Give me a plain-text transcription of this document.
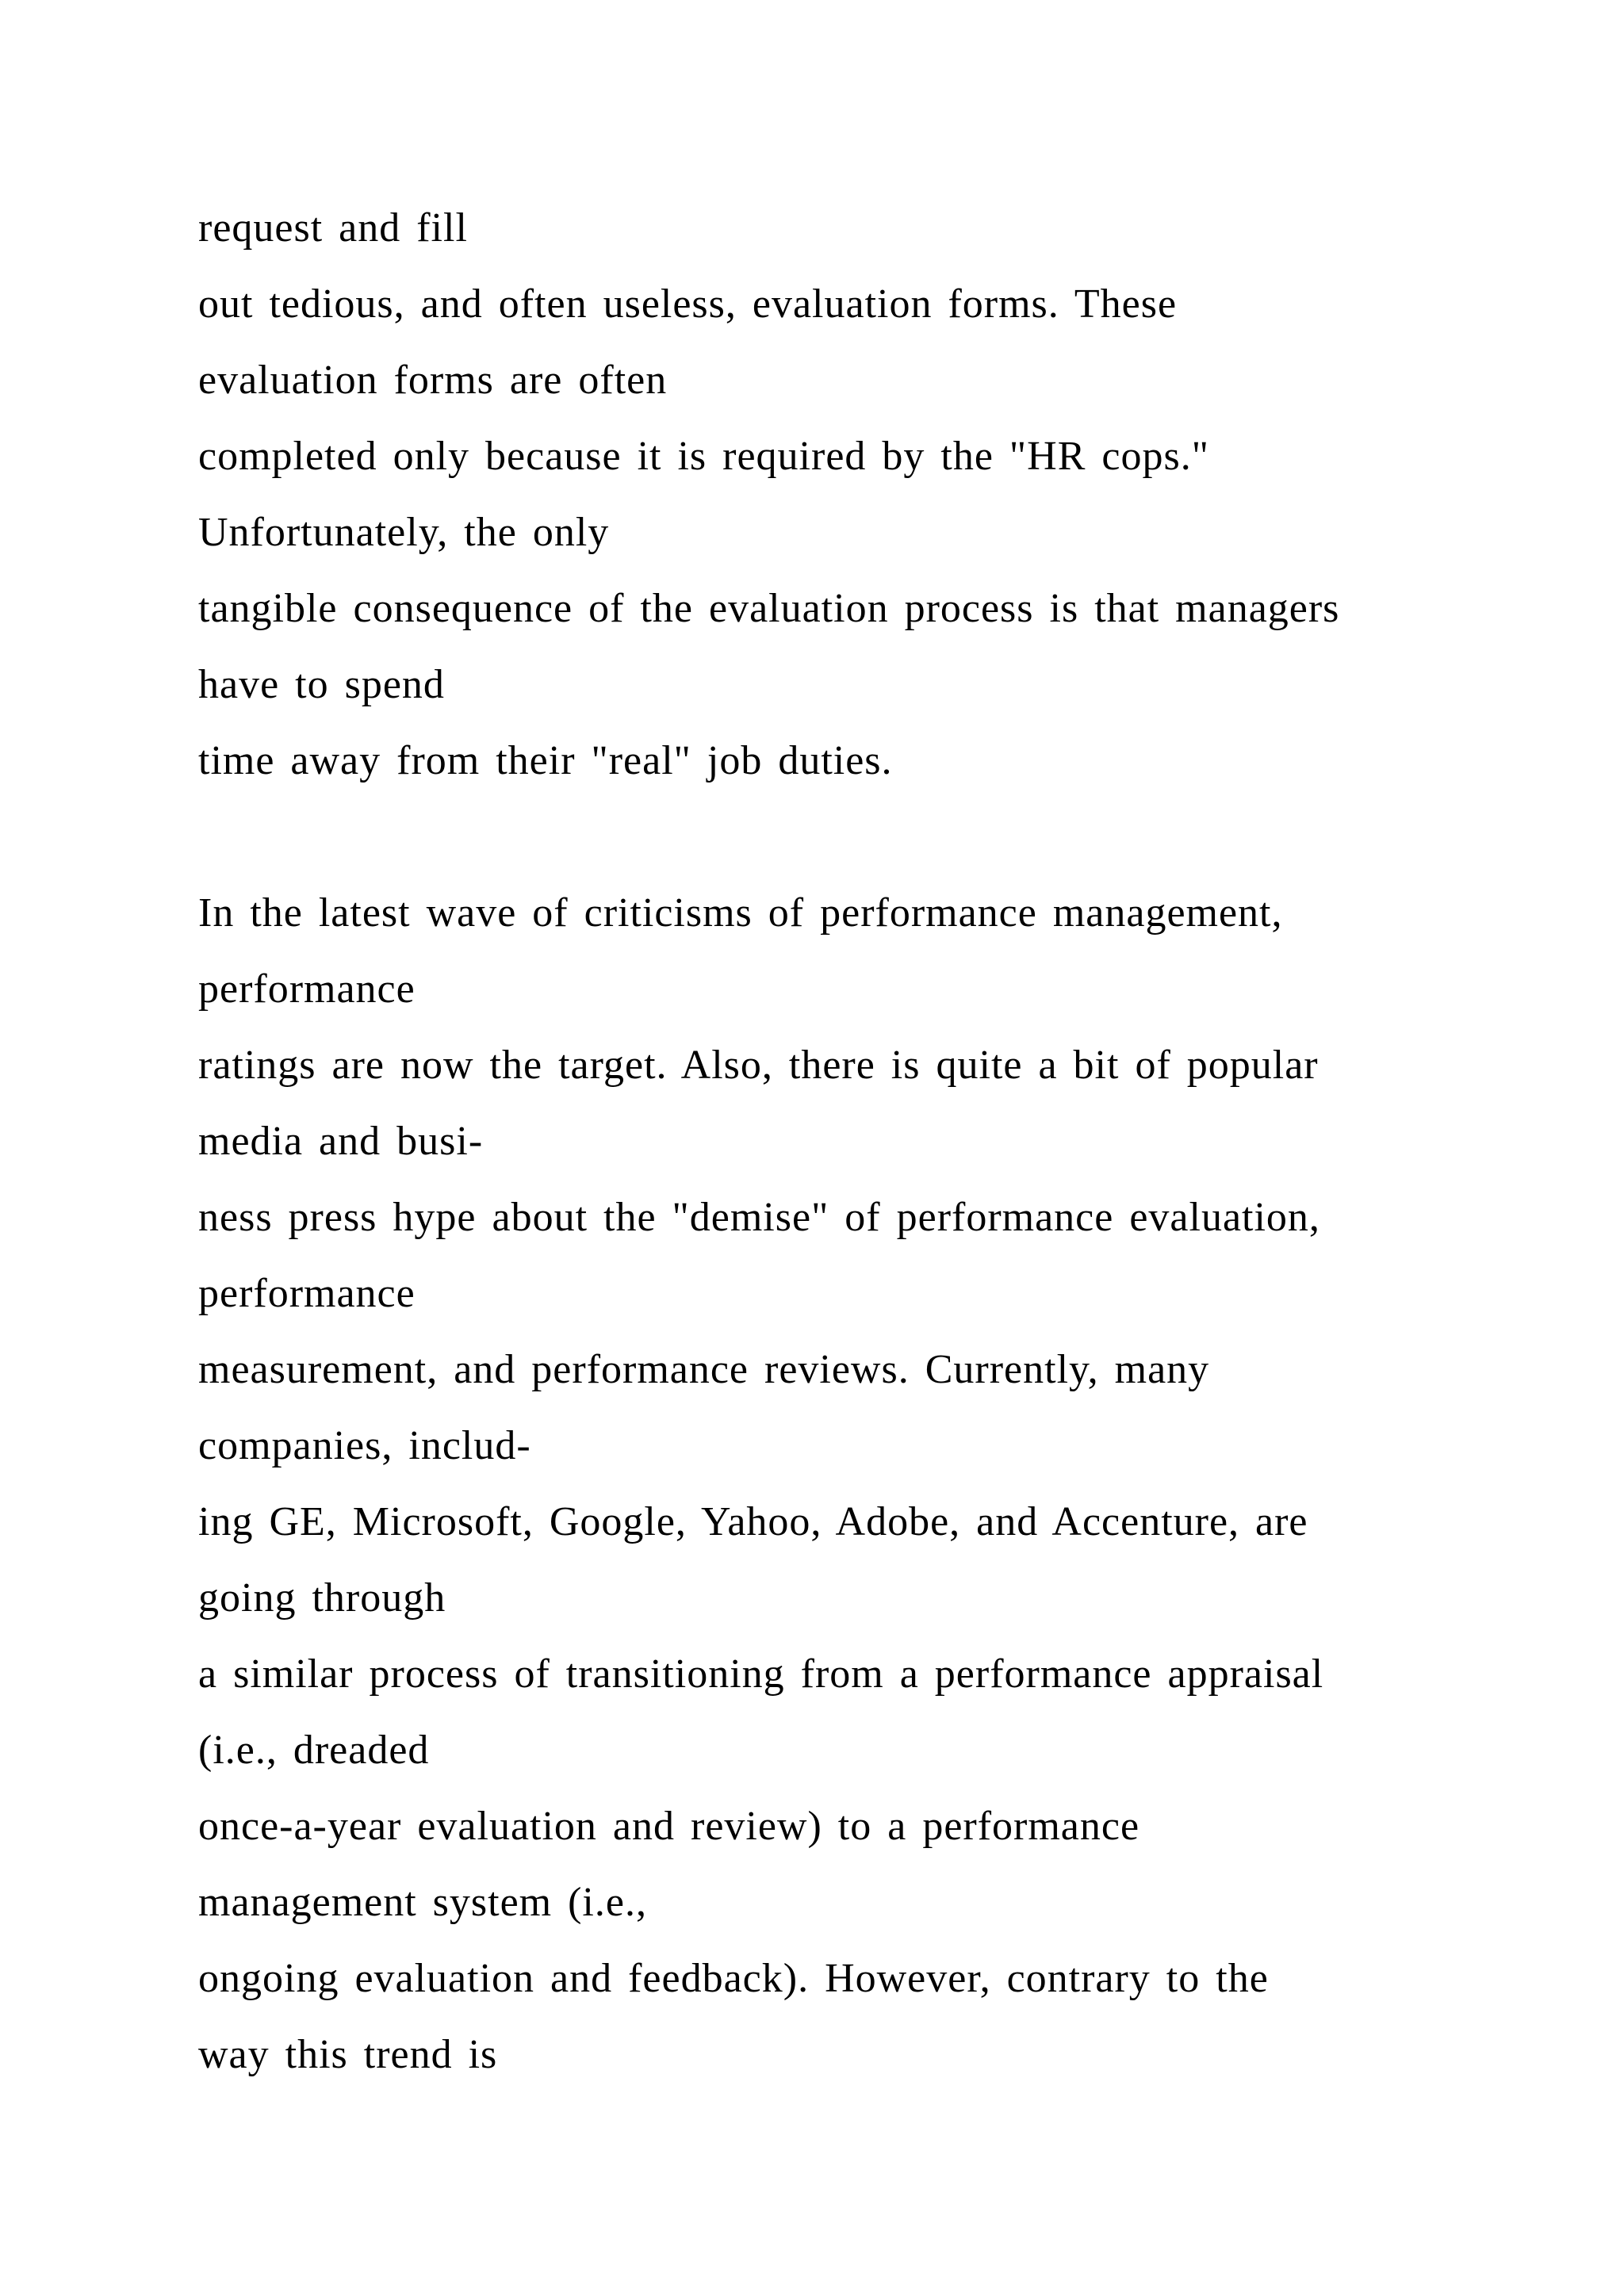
request and fill
out tedious, and often useless, evaluation forms. These
evaluation forms are often
completed only because it is required by the "HR cops."
Unfortunately, the only
tangible consequence of the evaluation process is that managers
have to spend
time away from their "real" job duties.
In the latest wave of criticisms of performance management,
performance
ratings are now the target. Also, there is quite a bit of popular
media and busi-
ness press hype about the "demise" of performance evaluation,
performance
measurement, and performance reviews. Currently, many
companies, includ-
ing GE, Microsoft, Google, Yahoo, Adobe, and Accenture, are
going through
a similar process of transitioning from a performance appraisal
(i.e., dreaded
once-a-year evaluation and review) to a performance
management system (i.e.,
ongoing evaluation and feedback). However, contrary to the
way this trend is
